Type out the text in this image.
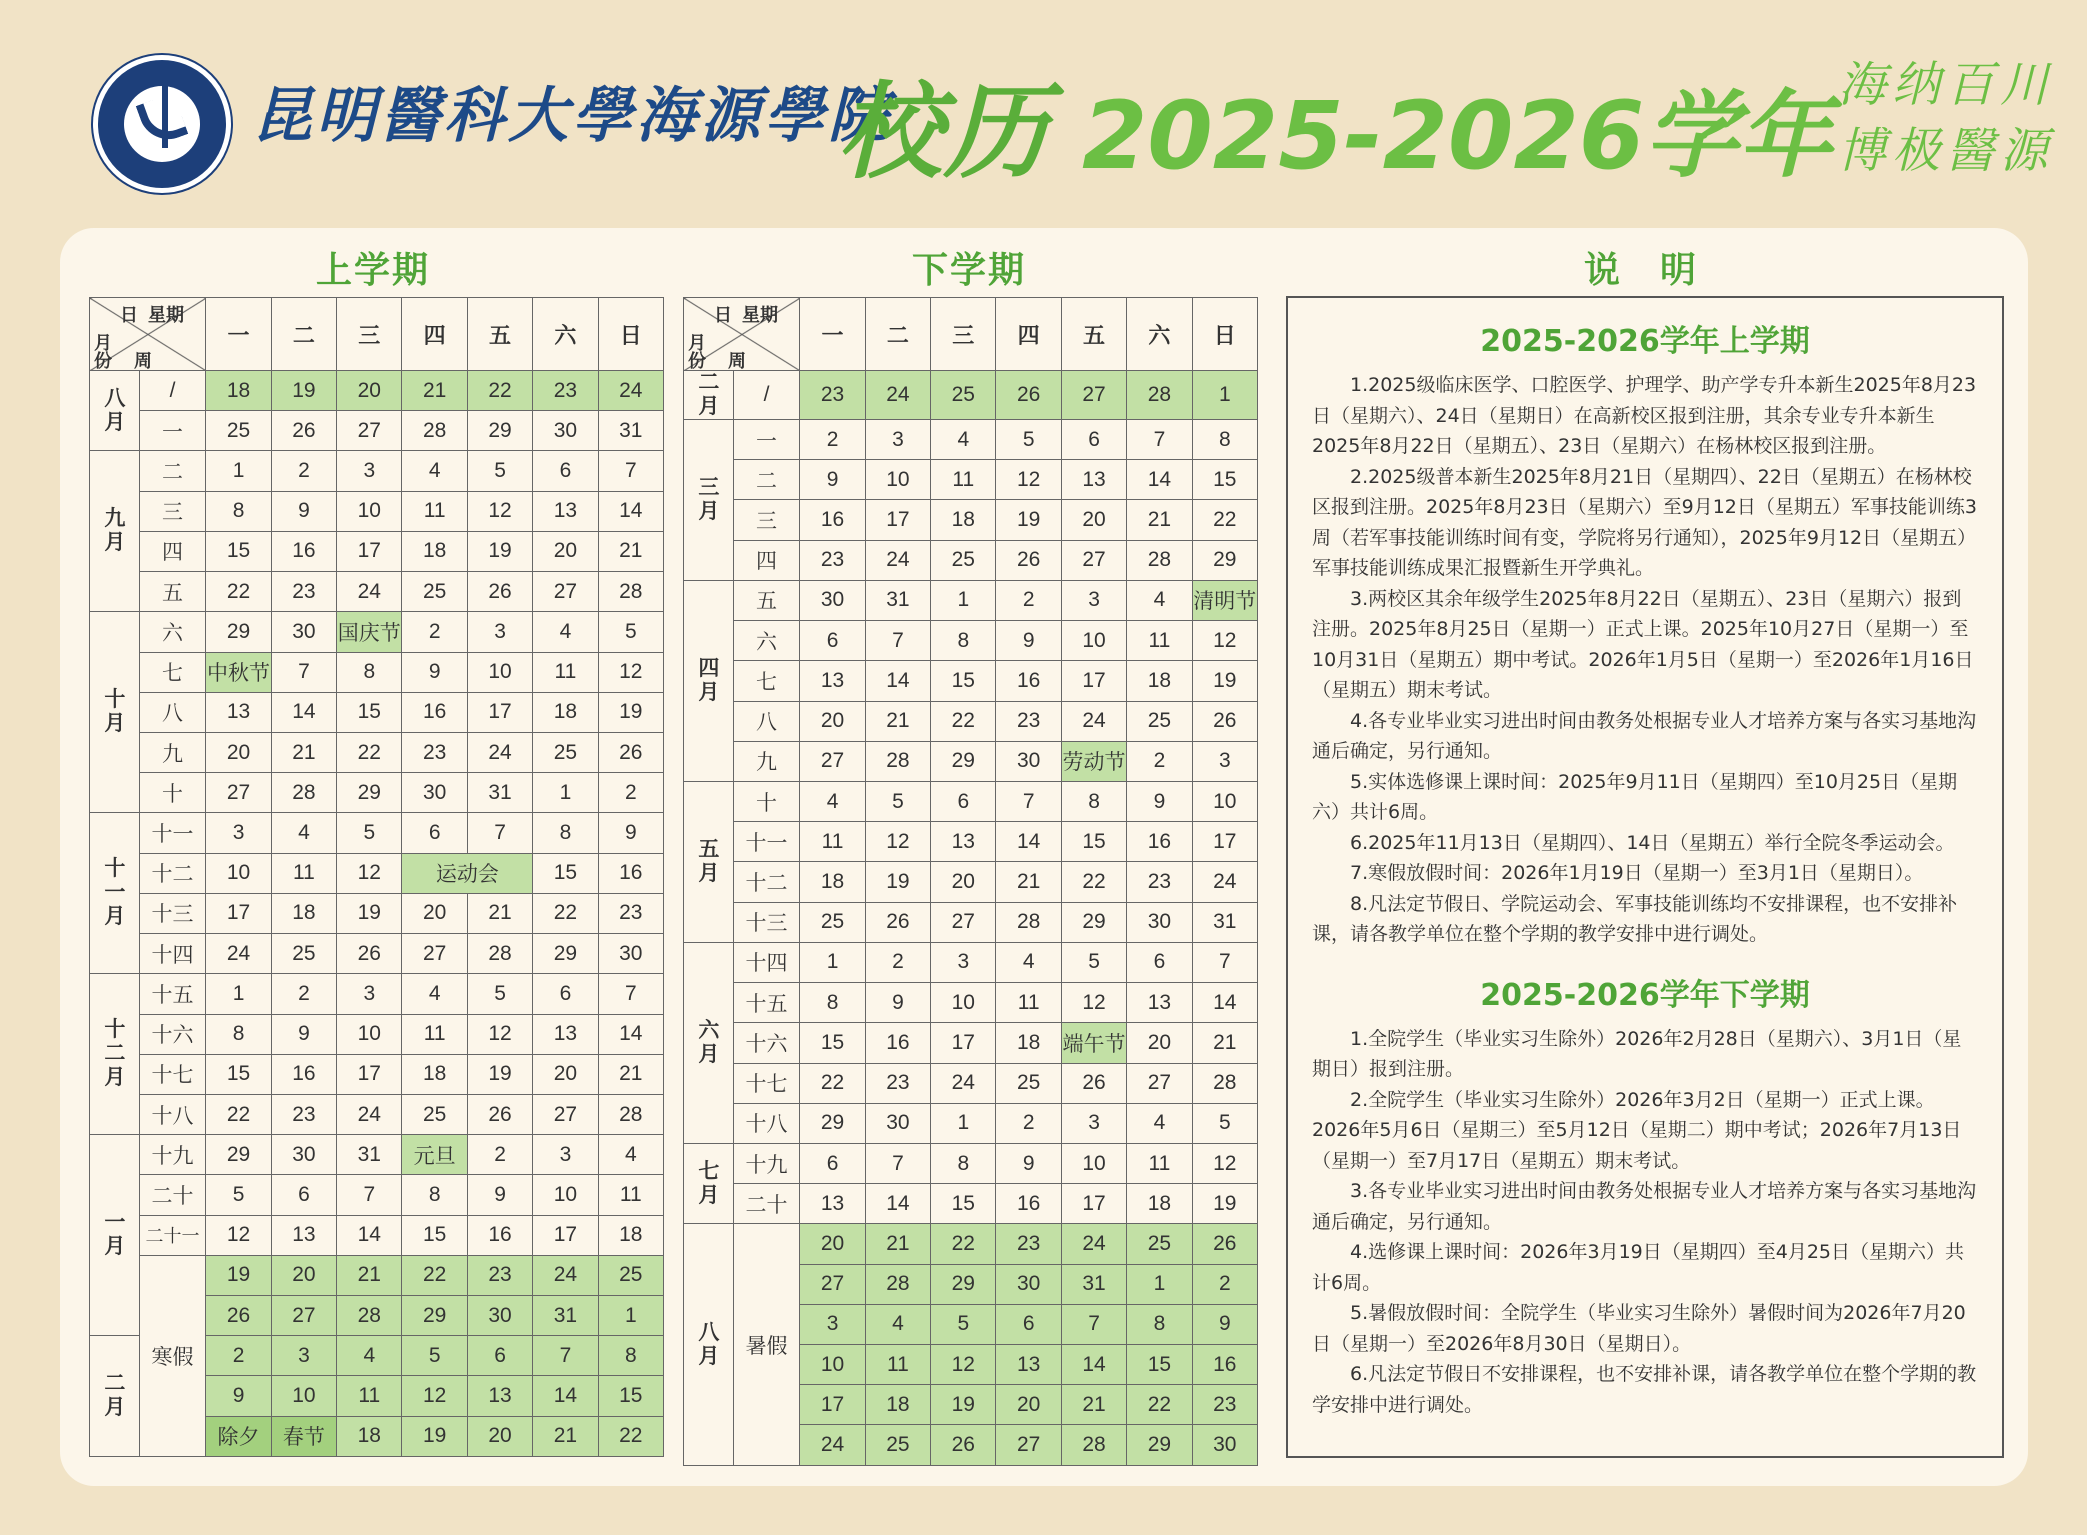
昆明醫科大學海源學院
校历 2025-2026学年 海纳百川
博极醫源
上学期	下学期	说　明
日 星期
月份 周		一	二	三	四	五	六	日
八月	/	18	19	20	21	22	23	24
	一	25	26	27	28	29	30	31
九月	二	1	2	3	4	5	6	7
	三	8	9	10	11	12	13	14
	四	15	16	17	18	19	20	21
	五	22	23	24	25	26	27	28
十月	六	29	30	国庆节	2	3	4	5
	七	中秋节	7	8	9	10	11	12
	八	13	14	15	16	17	18	19
	九	20	21	22	23	24	25	26
	十	27	28	29	30	31	1	2
十一月	十一	3	4	5	6	7	8	9
	十二	10	11	12	运动会		15	16
	十三	17	18	19	20	21	22	23
	十四	24	25	26	27	28	29	30
十二月	十五	1	2	3	4	5	6	7
	十六	8	9	10	11	12	13	14
	十七	15	16	17	18	19	20	21
	十八	22	23	24	25	26	27	28
一月	十九	29	30	31	元旦	2	3	4
	二十	5	6	7	8	9	10	11
	二十一	12	13	14	15	16	17	18
	寒假	19	20	21	22	23	24	25
		26	27	28	29	30	31	1
二月		2	3	4	5	6	7	8
		9	10	11	12	13	14	15
		除夕	春节	18	19	20	21	22
日 星期
月份 周		一	二	三	四	五	六	日
二月	/	23	24	25	26	27	28	1
三月	一	2	3	4	5	6	7	8
	二	9	10	11	12	13	14	15
	三	16	17	18	19	20	21	22
	四	23	24	25	26	27	28	29
四月	五	30	31	1	2	3	4	清明节
	六	6	7	8	9	10	11	12
	七	13	14	15	16	17	18	19
	八	20	21	22	23	24	25	26
	九	27	28	29	30	劳动节	2	3
五月	十	4	5	6	7	8	9	10
	十一	11	12	13	14	15	16	17
	十二	18	19	20	21	22	23	24
	十三	25	26	27	28	29	30	31
六月	十四	1	2	3	4	5	6	7
	十五	8	9	10	11	12	13	14
	十六	15	16	17	18	端午节	20	21
	十七	22	23	24	25	26	27	28
	十八	29	30	1	2	3	4	5
七月	十九	6	7	8	9	10	11	12
	二十	13	14	15	16	17	18	19
八月	暑假	20	21	22	23	24	25	26
		27	28	29	30	31	1	2
		3	4	5	6	7	8	9
		10	11	12	13	14	15	16
		17	18	19	20	21	22	23
		24	25	26	27	28	29	30
2025-2026学年上学期

1.2025级临床医学、口腔医学、护理学、助产学专升本新生2025年8月23日（星期六）、24日（星期日）在高新校区报到注册，其余专业专升本新生2025年8月22日（星期五）、23日（星期六）在杨林校区报到注册。

2.2025级普本新生2025年8月21日（星期四）、22日（星期五）在杨林校区报到注册。2025年8月23日（星期六）至9月12日（星期五）军事技能训练3周（若军事技能训练时间有变，学院将另行通知），2025年9月12日（星期五）军事技能训练成果汇报暨新生开学典礼。

3.两校区其余年级学生2025年8月22日（星期五）、23日（星期六）报到注册。2025年8月25日（星期一）正式上课。2025年10月27日（星期一）至10月31日（星期五）期中考试。2026年1月5日（星期一）至2026年1月16日（星期五）期末考试。

4.各专业毕业实习进出时间由教务处根据专业人才培养方案与各实习基地沟通后确定，另行通知。

5.实体选修课上课时间：2025年9月11日（星期四）至10月25日（星期六）共计6周。

6.2025年11月13日（星期四）、14日（星期五）举行全院冬季运动会。

7.寒假放假时间：2026年1月19日（星期一）至3月1日（星期日）。

8.凡法定节假日、学院运动会、军事技能训练均不安排课程，也不安排补课，请各教学单位在整个学期的教学安排中进行调处。

2025-2026学年下学期

1.全院学生（毕业实习生除外）2026年2月28日（星期六）、3月1日（星期日）报到注册。

2.全院学生（毕业实习生除外）2026年3月2日（星期一）正式上课。2026年5月6日（星期三）至5月12日（星期二）期中考试；2026年7月13日（星期一）至7月17日（星期五）期末考试。

3.各专业毕业实习进出时间由教务处根据专业人才培养方案与各实习基地沟通后确定，另行通知。

4.选修课上课时间：2026年3月19日（星期四）至4月25日（星期六）共计6周。

5.暑假放假时间：全院学生（毕业实习生除外）暑假时间为2026年7月20日（星期一）至2026年8月30日（星期日）。

6.凡法定节假日不安排课程，也不安排补课，请各教学单位在整个学期的教学安排中进行调处。
